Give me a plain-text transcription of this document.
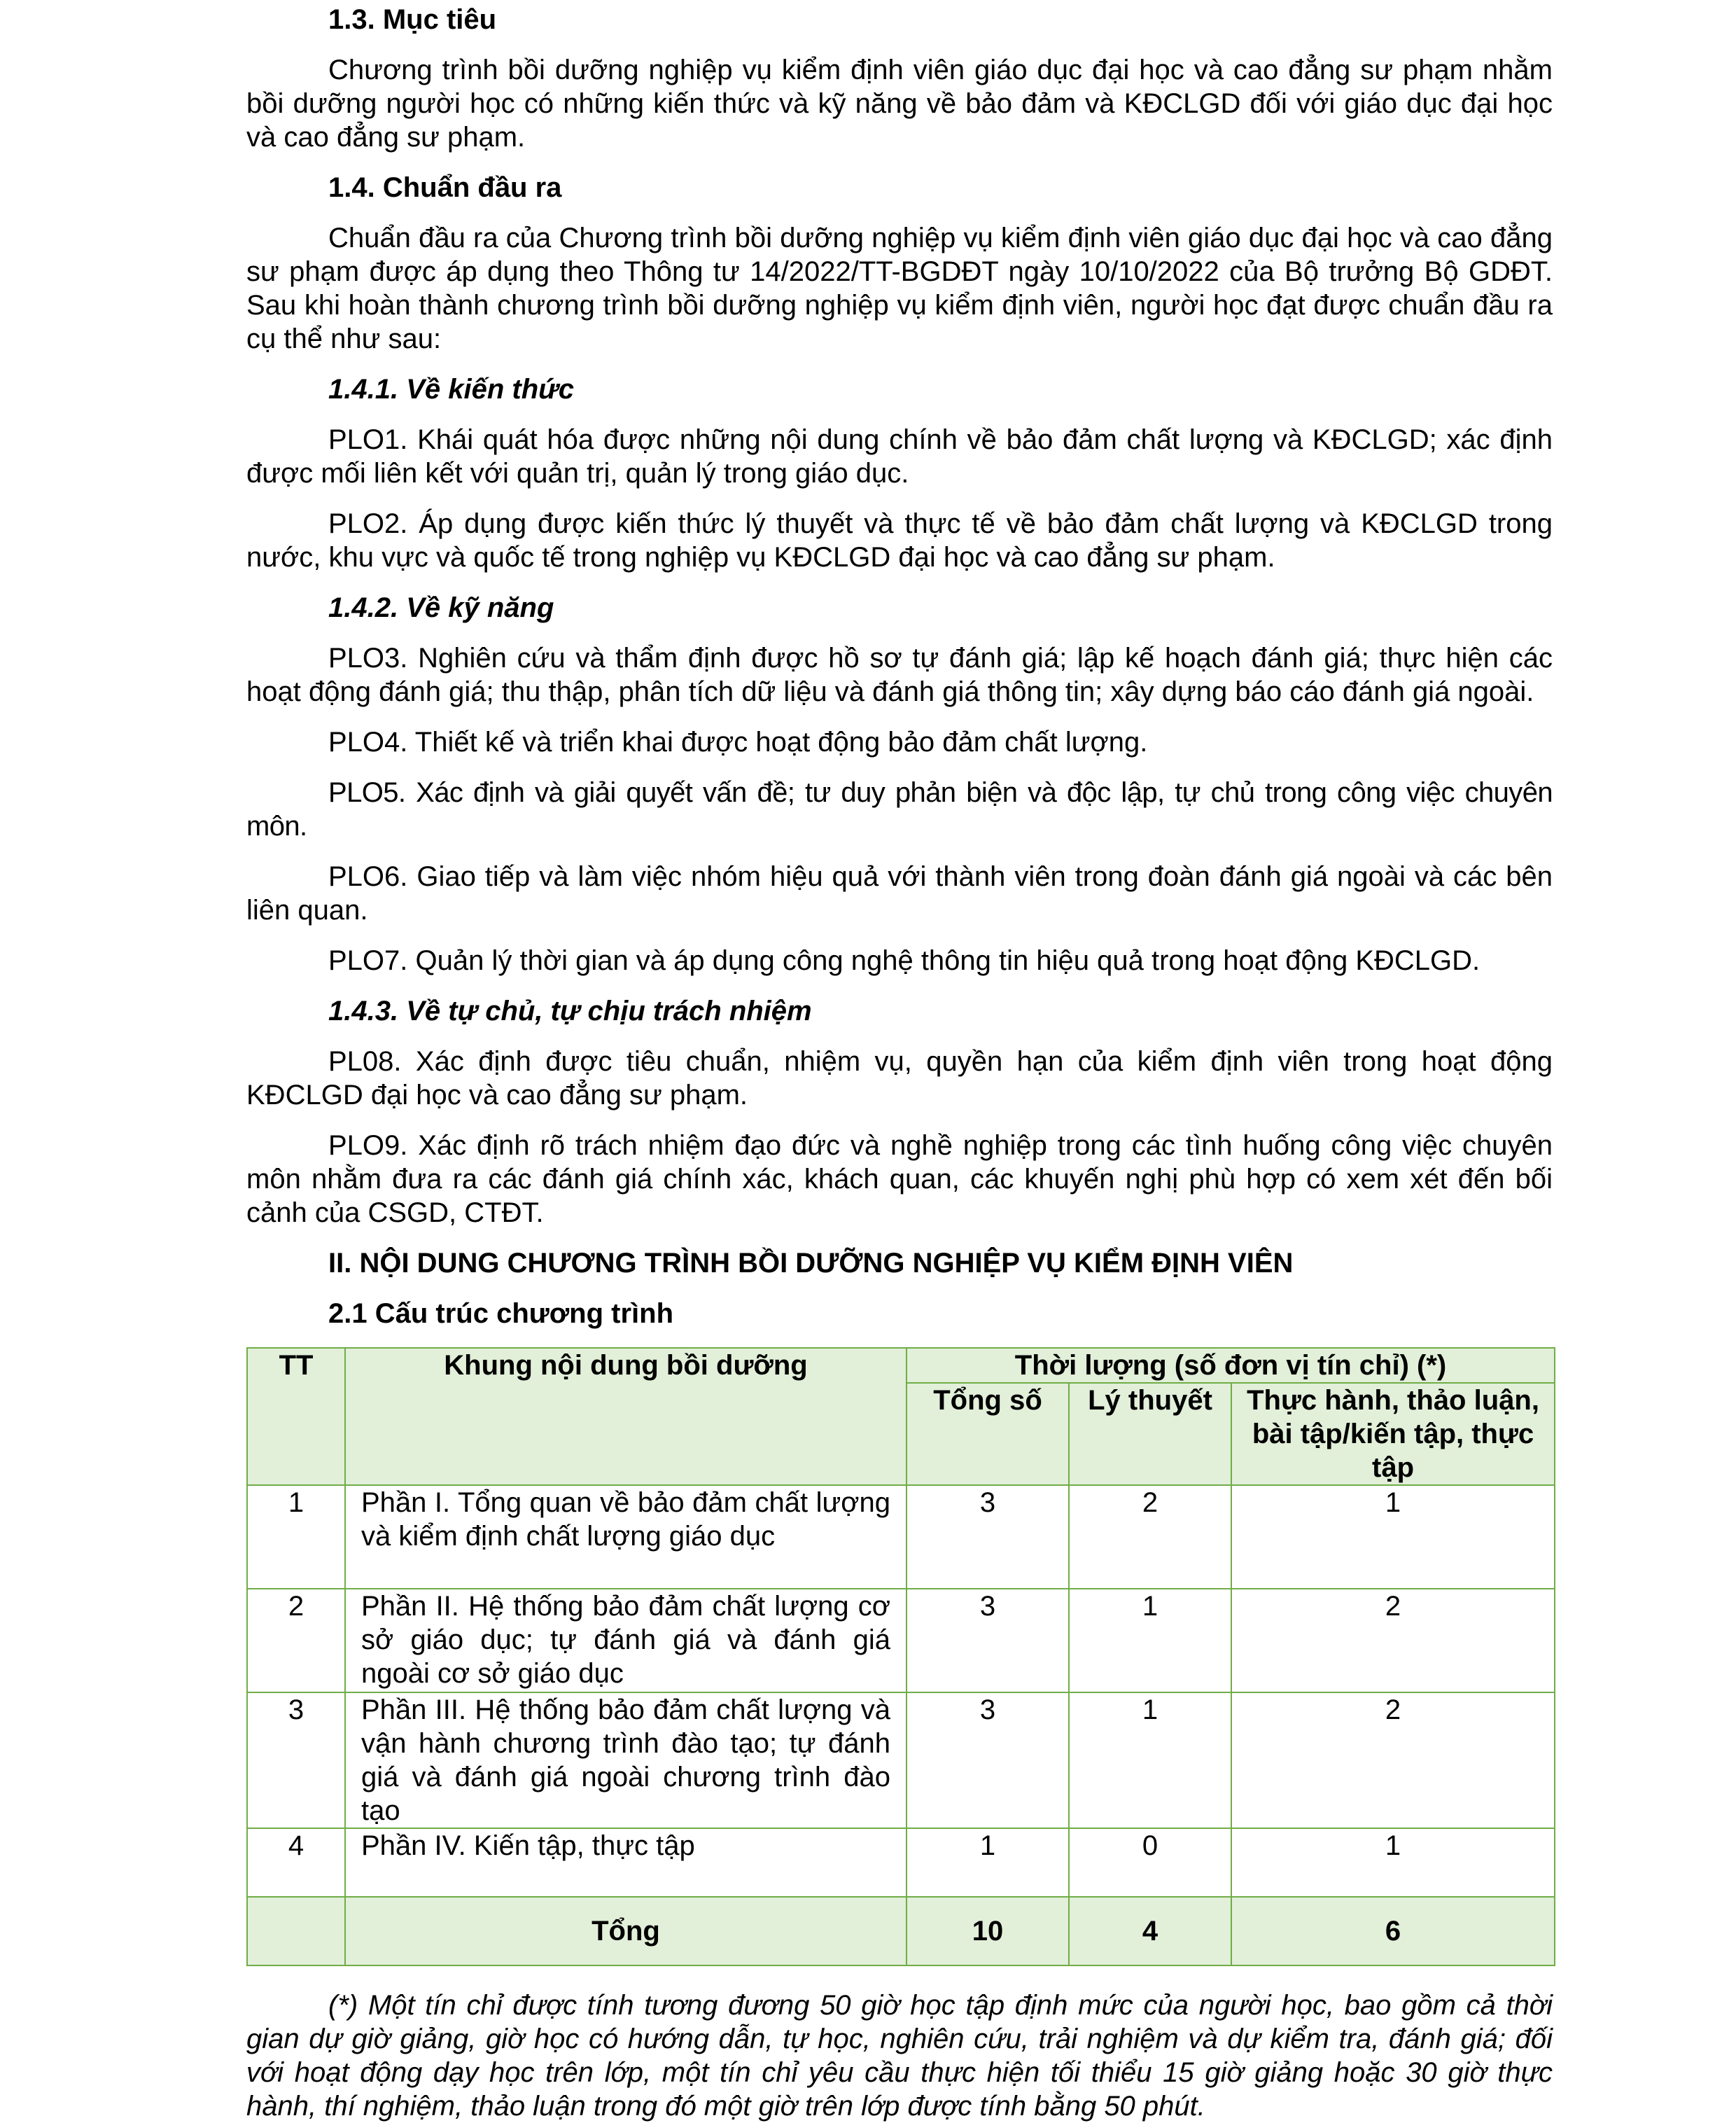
1.3. Mục tiêu

Chương trình bồi dưỡng nghiệp vụ kiểm định viên giáo dục đại học và cao đẳng sư phạm nhằm bồi dưỡng người học có những kiến thức và kỹ năng về bảo đảm và KĐCLGD đối với giáo dục đại học và cao đẳng sư phạm.

1.4. Chuẩn đầu ra

Chuẩn đầu ra của Chương trình bồi dưỡng nghiệp vụ kiểm định viên giáo dục đại học và cao đẳng sư phạm được áp dụng theo Thông tư 14/2022/TT-BGDĐT ngày 10/10/2022 của Bộ trưởng Bộ GDĐT. Sau khi hoàn thành chương trình bồi dưỡng nghiệp vụ kiểm định viên, người học đạt được chuẩn đầu ra cụ thể như sau:

1.4.1. Về kiến thức

PLO1. Khái quát hóa được những nội dung chính về bảo đảm chất lượng và KĐCLGD; xác định được mối liên kết với quản trị, quản lý trong giáo dục.

PLO2. Áp dụng được kiến thức lý thuyết và thực tế về bảo đảm chất lượng và KĐCLGD trong nước, khu vực và quốc tế trong nghiệp vụ KĐCLGD đại học và cao đẳng sư phạm.

1.4.2. Về kỹ năng

PLO3. Nghiên cứu và thẩm định được hồ sơ tự đánh giá; lập kế hoạch đánh giá; thực hiện các hoạt động đánh giá; thu thập, phân tích dữ liệu và đánh giá thông tin; xây dựng báo cáo đánh giá ngoài.

PLO4. Thiết kế và triển khai được hoạt động bảo đảm chất lượng.

PLO5. Xác định và giải quyết vấn đề; tư duy phản biện và độc lập, tự chủ trong công việc chuyên môn.

PLO6. Giao tiếp và làm việc nhóm hiệu quả với thành viên trong đoàn đánh giá ngoài và các bên liên quan.

PLO7. Quản lý thời gian và áp dụng công nghệ thông tin hiệu quả trong hoạt động KĐCLGD.

1.4.3. Về tự chủ, tự chịu trách nhiệm

PL08. Xác định được tiêu chuẩn, nhiệm vụ, quyền hạn của kiểm định viên trong hoạt động KĐCLGD đại học và cao đẳng sư phạm.

PLO9. Xác định rõ trách nhiệm đạo đức và nghề nghiệp trong các tình huống công việc chuyên môn nhằm đưa ra các đánh giá chính xác, khách quan, các khuyến nghị phù hợp có xem xét đến bối cảnh của CSGD, CTĐT.

II. NỘI DUNG CHƯƠNG TRÌNH BỒI DƯỠNG NGHIỆP VỤ KIỂM ĐỊNH VIÊN

2.1 Cấu trúc chương trình

TT	Khung nội dung bồi dưỡng	Thời lượng (số đơn vị tín chỉ) (*)		
		Tổng số	Lý thuyết	Thực hành, thảo luận, bài tập/kiến tập, thực tập
1	Phần I. Tổng quan về bảo đảm chất lượng và kiểm định chất lượng giáo dục	3	2	1
2	Phần II. Hệ thống bảo đảm chất lượng cơ sở giáo dục; tự đánh giá và đánh giá ngoài cơ sở giáo dục	3	1	2
3	Phần III. Hệ thống bảo đảm chất lượng và vận hành chương trình đào tạo; tự đánh giá và đánh giá ngoài chương trình đào tạo	3	1	2
4	Phần IV. Kiến tập, thực tập	1	0	1
	Tổng	10	4	6

(*) Một tín chỉ được tính tương đương 50 giờ học tập định mức của người học, bao gồm cả thời gian dự giờ giảng, giờ học có hướng dẫn, tự học, nghiên cứu, trải nghiệm và dự kiểm tra, đánh giá; đối với hoạt động dạy học trên lớp, một tín chỉ yêu cầu thực hiện tối thiểu 15 giờ giảng hoặc 30 giờ thực hành, thí nghiệm, thảo luận trong đó một giờ trên lớp được tính bằng 50 phút.
